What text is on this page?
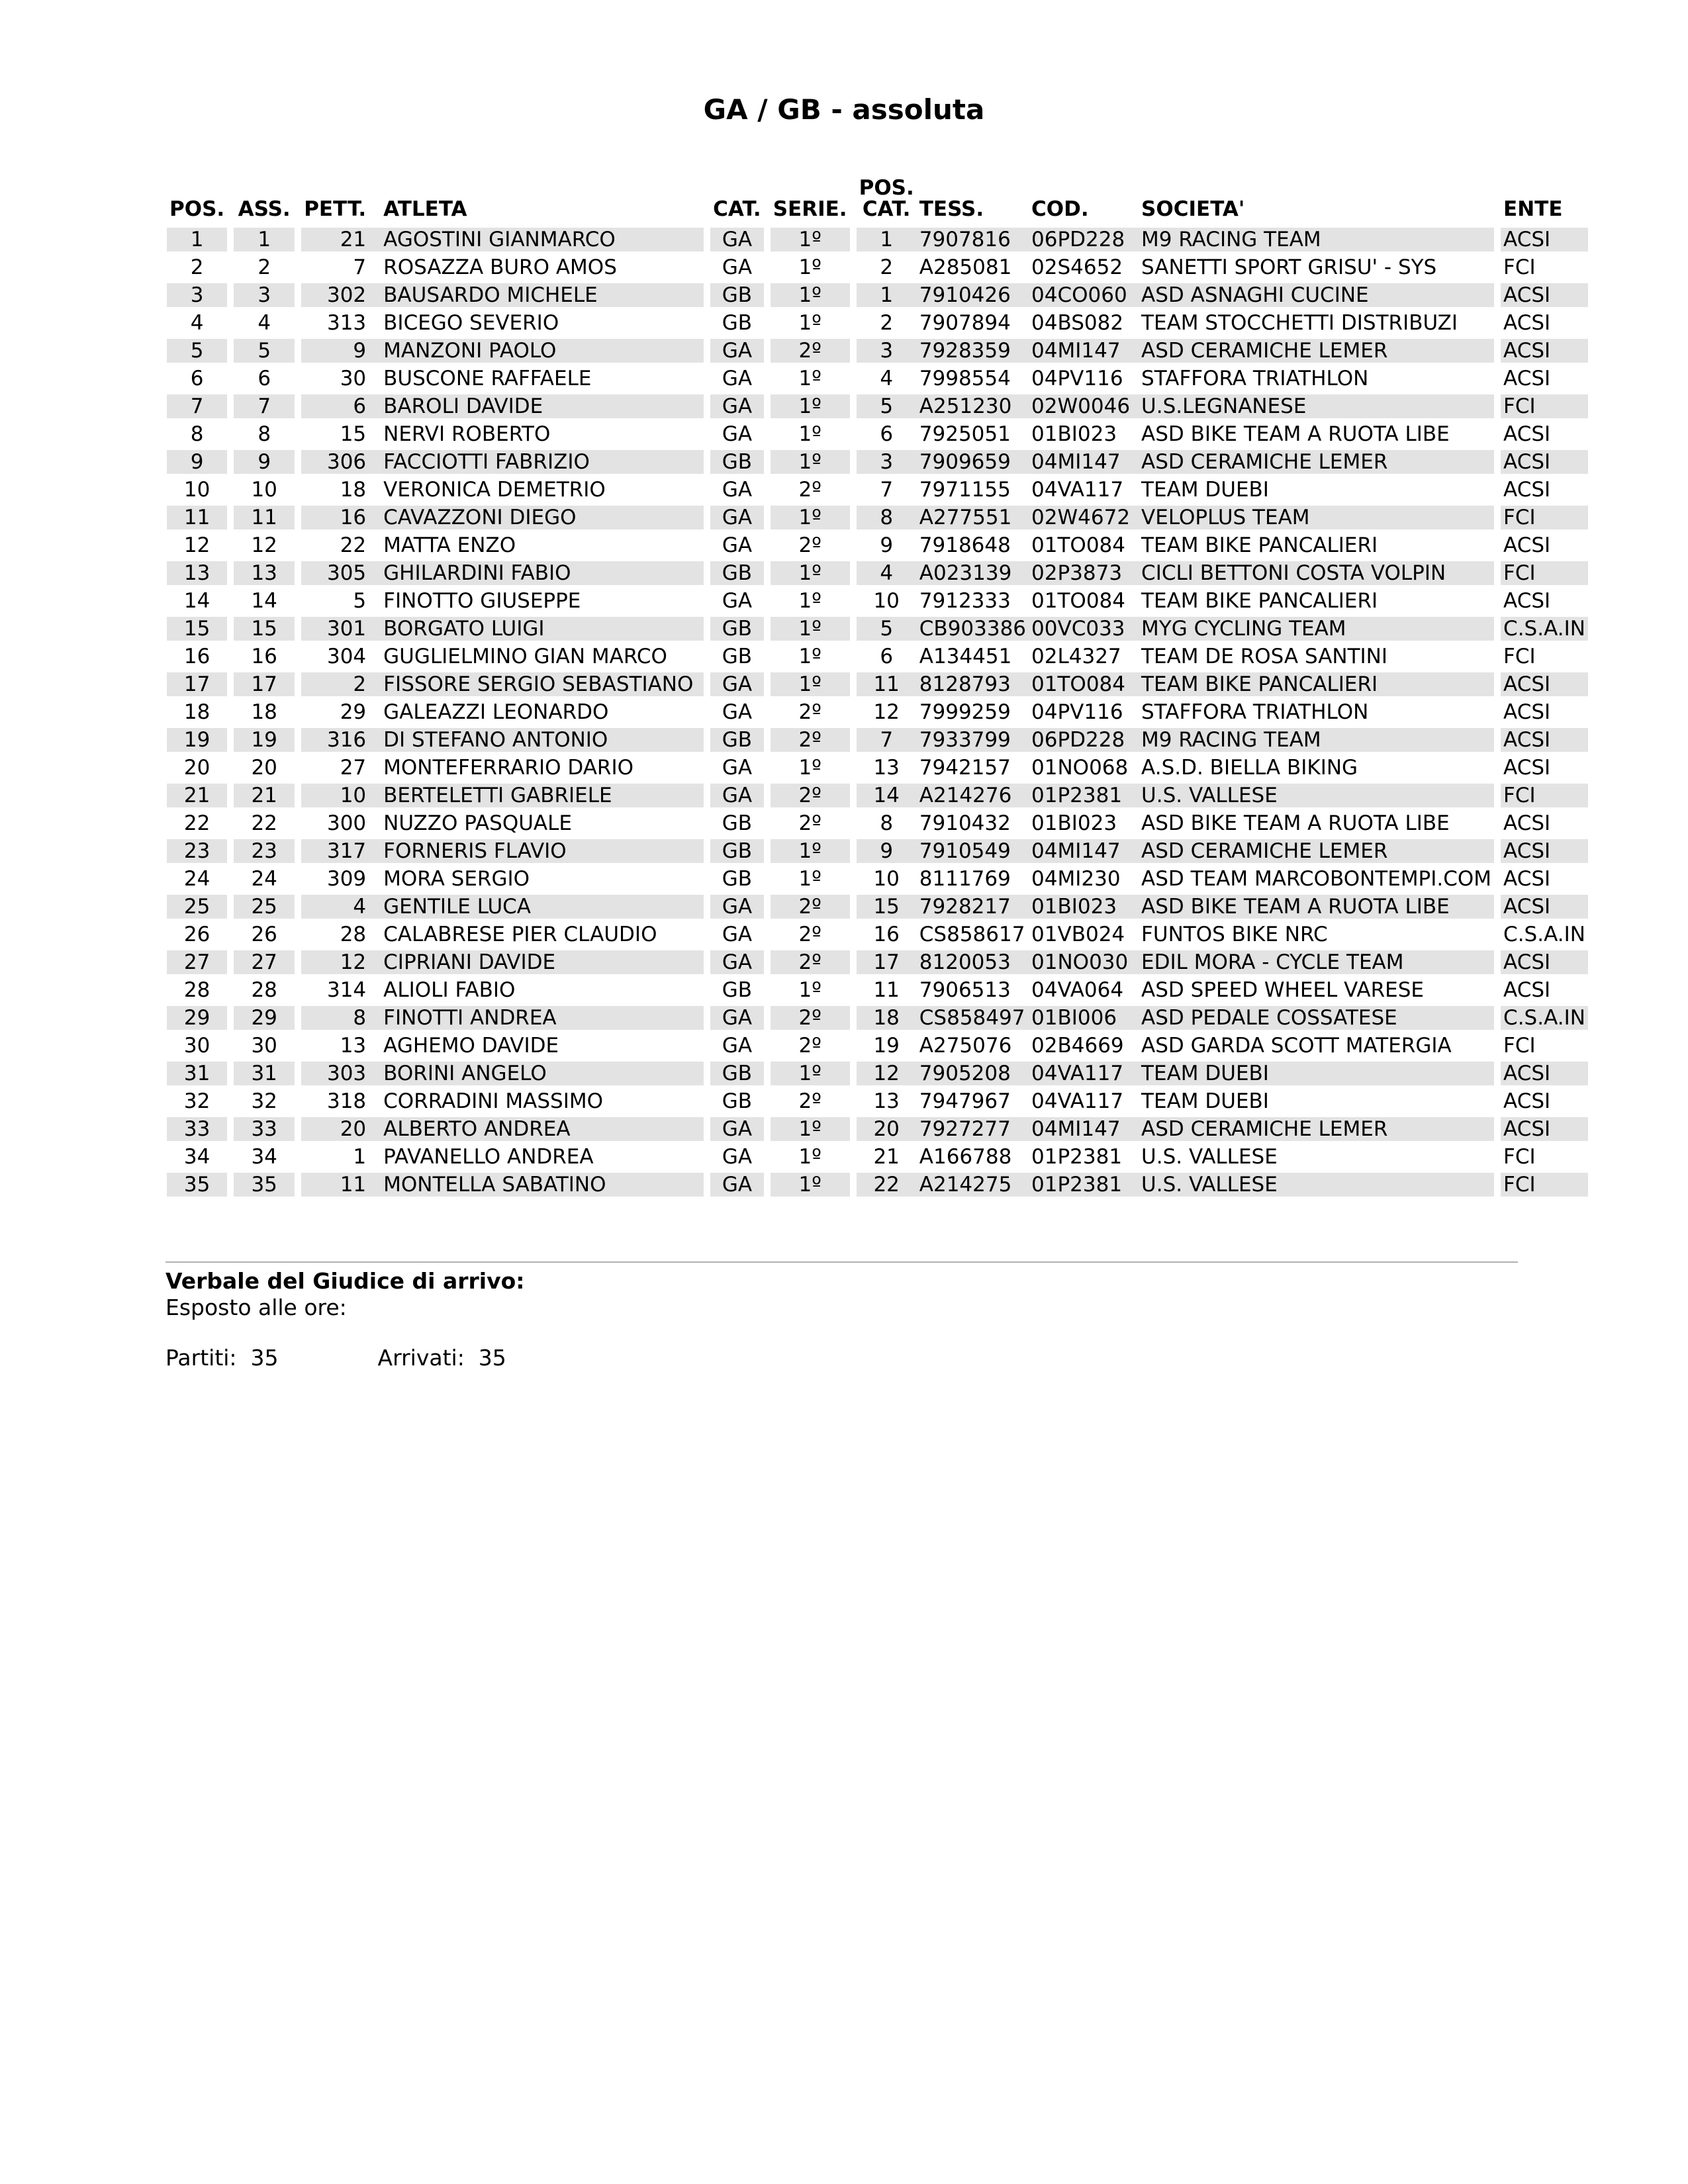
GA / GB - assoluta
POS.		ASS.		PETT.	ATLETA		CAT.		SERIE.		POS.
CAT.	TESS.	COD.	SOCIETA'		ENTE
1		1		21	AGOSTINI GIANMARCO		GA		1º		1	7907816	06PD228	M9 RACING TEAM		ACSI
2		2		7	ROSAZZA BURO AMOS		GA		1º		2	A285081	02S4652	SANETTI SPORT GRISU' - SYS		FCI
3		3		302	BAUSARDO MICHELE		GB		1º		1	7910426	04CO060	ASD ASNAGHI CUCINE		ACSI
4		4		313	BICEGO SEVERIO		GB		1º		2	7907894	04BS082	TEAM STOCCHETTI DISTRIBUZI		ACSI
5		5		9	MANZONI PAOLO		GA		2º		3	7928359	04MI147	ASD CERAMICHE LEMER		ACSI
6		6		30	BUSCONE RAFFAELE		GA		1º		4	7998554	04PV116	STAFFORA TRIATHLON		ACSI
7		7		6	BAROLI DAVIDE		GA		1º		5	A251230	02W0046	U.S.LEGNANESE		FCI
8		8		15	NERVI ROBERTO		GA		1º		6	7925051	01BI023	ASD BIKE TEAM A RUOTA LIBE		ACSI
9		9		306	FACCIOTTI FABRIZIO		GB		1º		3	7909659	04MI147	ASD CERAMICHE LEMER		ACSI
10		10		18	VERONICA DEMETRIO		GA		2º		7	7971155	04VA117	TEAM DUEBI		ACSI
11		11		16	CAVAZZONI DIEGO		GA		1º		8	A277551	02W4672	VELOPLUS TEAM		FCI
12		12		22	MATTA ENZO		GA		2º		9	7918648	01TO084	TEAM BIKE PANCALIERI		ACSI
13		13		305	GHILARDINI FABIO		GB		1º		4	A023139	02P3873	CICLI BETTONI COSTA VOLPIN		FCI
14		14		5	FINOTTO GIUSEPPE		GA		1º		10	7912333	01TO084	TEAM BIKE PANCALIERI		ACSI
15		15		301	BORGATO LUIGI		GB		1º		5	CB903386	00VC033	MYG CYCLING TEAM		C.S.A.IN
16		16		304	GUGLIELMINO GIAN MARCO		GB		1º		6	A134451	02L4327	TEAM DE ROSA SANTINI		FCI
17		17		2	FISSORE SERGIO SEBASTIANO		GA		1º		11	8128793	01TO084	TEAM BIKE PANCALIERI		ACSI
18		18		29	GALEAZZI LEONARDO		GA		2º		12	7999259	04PV116	STAFFORA TRIATHLON		ACSI
19		19		316	DI STEFANO ANTONIO		GB		2º		7	7933799	06PD228	M9 RACING TEAM		ACSI
20		20		27	MONTEFERRARIO DARIO		GA		1º		13	7942157	01NO068	A.S.D. BIELLA BIKING		ACSI
21		21		10	BERTELETTI GABRIELE		GA		2º		14	A214276	01P2381	U.S. VALLESE		FCI
22		22		300	NUZZO PASQUALE		GB		2º		8	7910432	01BI023	ASD BIKE TEAM A RUOTA LIBE		ACSI
23		23		317	FORNERIS FLAVIO		GB		1º		9	7910549	04MI147	ASD CERAMICHE LEMER		ACSI
24		24		309	MORA SERGIO		GB		1º		10	8111769	04MI230	ASD TEAM MARCOBONTEMPI.COM		ACSI
25		25		4	GENTILE LUCA		GA		2º		15	7928217	01BI023	ASD BIKE TEAM A RUOTA LIBE		ACSI
26		26		28	CALABRESE PIER CLAUDIO		GA		2º		16	CS858617	01VB024	FUNTOS BIKE NRC		C.S.A.IN
27		27		12	CIPRIANI DAVIDE		GA		2º		17	8120053	01NO030	EDIL MORA - CYCLE TEAM		ACSI
28		28		314	ALIOLI FABIO		GB		1º		11	7906513	04VA064	ASD SPEED WHEEL VARESE		ACSI
29		29		8	FINOTTI ANDREA		GA		2º		18	CS858497	01BI006	ASD PEDALE COSSATESE		C.S.A.IN
30		30		13	AGHEMO DAVIDE		GA		2º		19	A275076	02B4669	ASD GARDA SCOTT MATERGIA		FCI
31		31		303	BORINI ANGELO		GB		1º		12	7905208	04VA117	TEAM DUEBI		ACSI
32		32		318	CORRADINI MASSIMO		GB		2º		13	7947967	04VA117	TEAM DUEBI		ACSI
33		33		20	ALBERTO ANDREA		GA		1º		20	7927277	04MI147	ASD CERAMICHE LEMER		ACSI
34		34		1	PAVANELLO ANDREA		GA		1º		21	A166788	01P2381	U.S. VALLESE		FCI
35		35		11	MONTELLA SABATINO		GA		1º		22	A214275	01P2381	U.S. VALLESE		FCI
Verbale del Giudice di arrivo:
Esposto alle ore:
Partiti: 35	Arrivati: 35
